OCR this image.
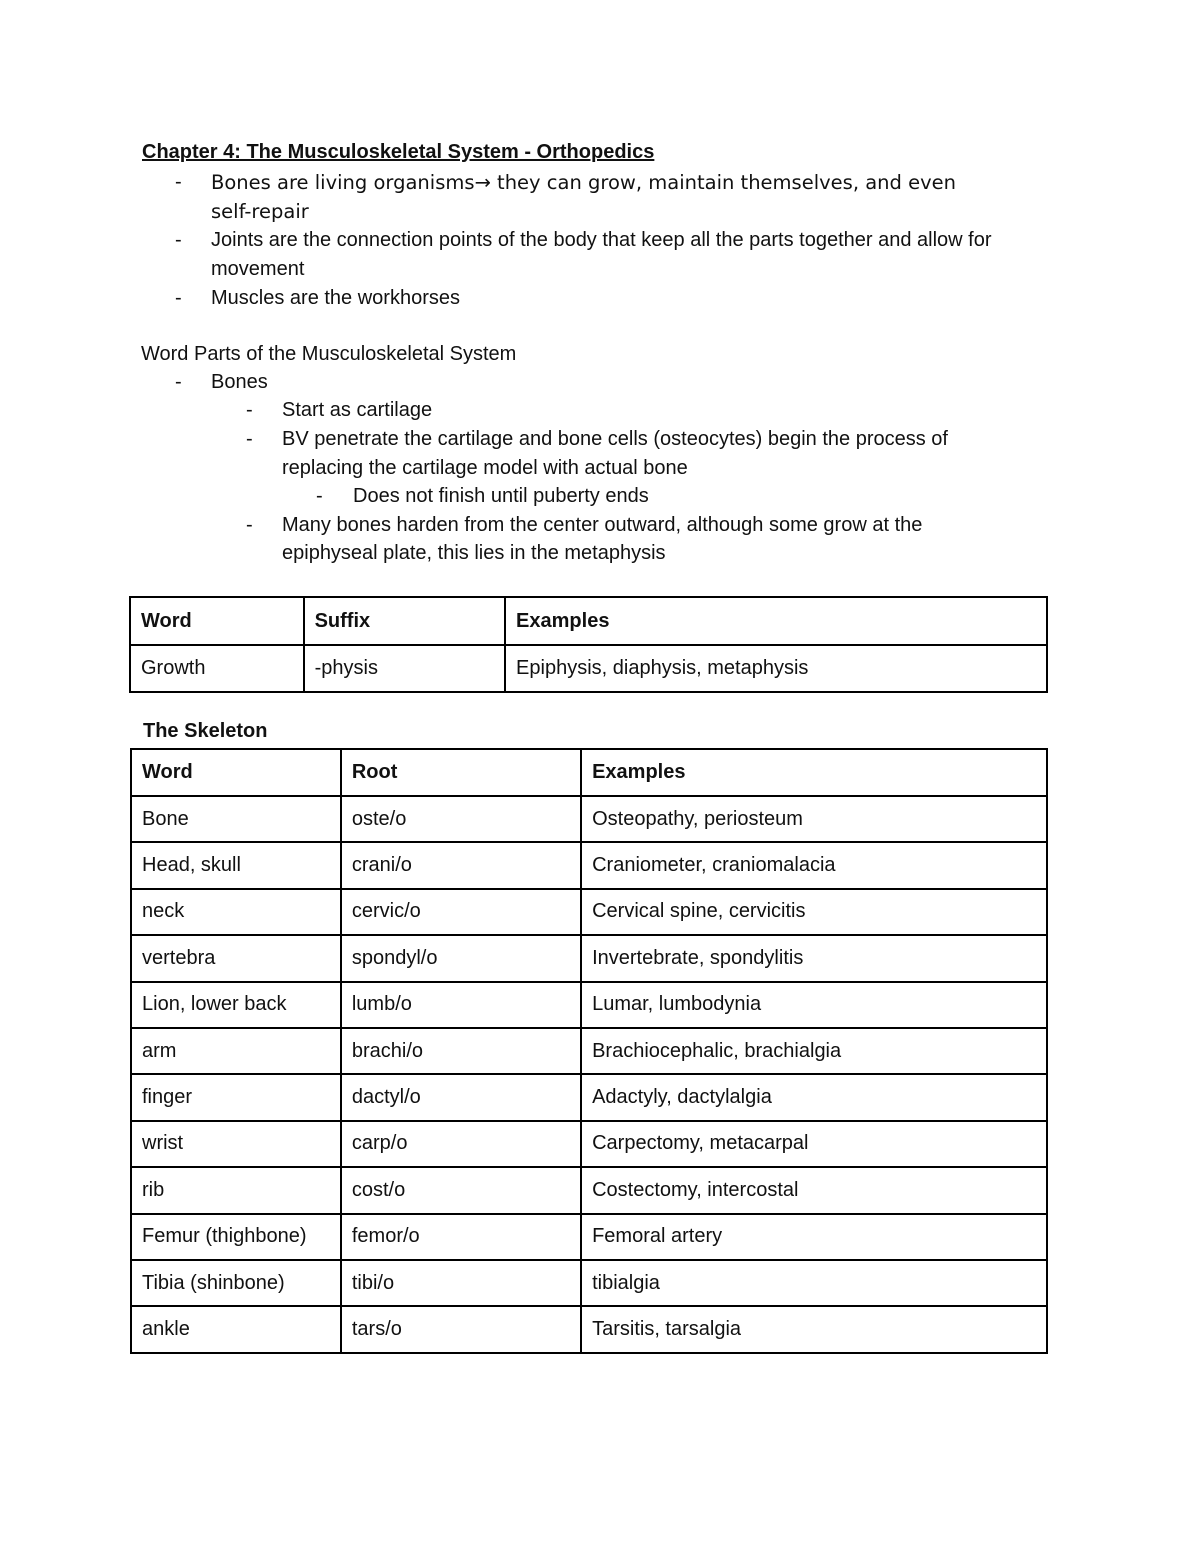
Chapter 4: The Musculoskeletal System - Orthopedics
- Bones are living organisms→ they can grow, maintain themselves, and even
self-repair
- Joints are the connection points of the body that keep all the parts together and allow for
movement
- Muscles are the workhorses
Word Parts of the Musculoskeletal System
- Bones
- Start as cartilage
- BV penetrate the cartilage and bone cells (osteocytes) begin the process of
replacing the cartilage model with actual bone
- Does not finish until puberty ends
- Many bones harden from the center outward, although some grow at the
epiphyseal plate, this lies in the metaphysis
Word	Suffix	Examples
Growth	-physis	Epiphysis, diaphysis, metaphysis
The Skeleton
Word	Root	Examples
Bone	oste/o	Osteopathy, periosteum
Head, skull	crani/o	Craniometer, craniomalacia
neck	cervic/o	Cervical spine, cervicitis
vertebra	spondyl/o	Invertebrate, spondylitis
Lion, lower back	lumb/o	Lumar, lumbodynia
arm	brachi/o	Brachiocephalic, brachialgia
finger	dactyl/o	Adactyly, dactylalgia
wrist	carp/o	Carpectomy, metacarpal
rib	cost/o	Costectomy, intercostal
Femur (thighbone)	femor/o	Femoral artery
Tibia (shinbone)	tibi/o	tibialgia
ankle	tars/o	Tarsitis, tarsalgia
